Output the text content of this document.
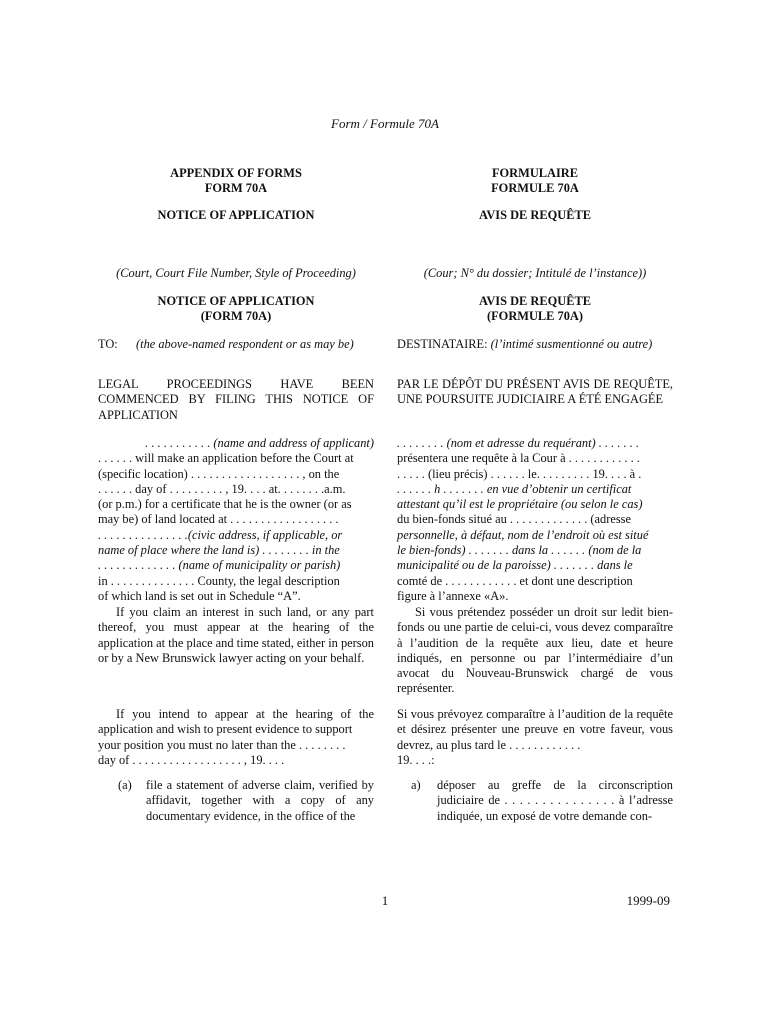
Form / Formule 70A
APPENDIX OF FORMS
FORM 70A
NOTICE OF APPLICATION
(Court, Court File Number, Style of Proceeding)
NOTICE OF APPLICATION
(FORM 70A)
TO: (the above-named respondent or as may be)
LEGAL PROCEEDINGS HAVE BEEN COMMENCED BY FILING THIS NOTICE OF APPLICATION
. . . . . . . . . . . (name and address of applicant)
. . . . . . will make an application before the Court at
(specific location) . . . . . . . . . . . . . . . . . . , on the
. . . . . . day of . . . . . . . . . , 19. . . . at. . . . . . . .a.m.
(or p.m.) for a certificate that he is the owner (or as
may be) of land located at . . . . . . . . . . . . . . . . . .
. . . . . . . . . . . . . . .(civic address, if applicable, or
name of place where the land is) . . . . . . . . in the
. . . . . . . . . . . . . (name of municipality or parish)
in . . . . . . . . . . . . . . County, the legal description
of which land is set out in Schedule “A”.
If you claim an interest in such land, or any part thereof, you must appear at the hearing of the application at the place and time stated, either in person or by a New Brunswick lawyer acting on your behalf.
If you intend to appear at the hearing of the application and wish to present evidence to support
your position you must no later than the . . . . . . . .
day of . . . . . . . . . . . . . . . . . . , 19. . . .
(a) file a statement of adverse claim, verified by affidavit, together with a copy of any documentary evidence, in the office of the
FORMULAIRE
FORMULE 70A
AVIS DE REQUÊTE
(Cour; N° du dossier; Intitulé de l’instance))
AVIS DE REQUÊTE
(FORMULE 70A)
DESTINATAIRE: (l’intimé susmentionné ou autre)
PAR LE DÉPÔT DU PRÉSENT AVIS DE REQUÊTE, UNE POURSUITE JUDICIAIRE A ÉTÉ ENGAGÉE
. . . . . . . . (nom et adresse du requérant) . . . . . . .
présentera une requête à la Cour à . . . . . . . . . . . .
. . . . . (lieu précis) . . . . . . le. . . . . . . . . 19. . . . à .
. . . . . . h . . . . . . . en vue d’obtenir un certificat
attestant qu’il est le propriétaire (ou selon le cas)
du bien-fonds situé au . . . . . . . . . . . . . (adresse
personnelle, à défaut, nom de l’endroit où est situé
le bien-fonds) . . . . . . . dans la . . . . . . (nom de la
municipalité ou de la paroisse) . . . . . . . dans le
comté de . . . . . . . . . . . . et dont une description
figure à l’annexe «A».
Si vous prétendez posséder un droit sur ledit bien-fonds ou une partie de celui-ci, vous devez comparaître à l’audition de la requête aux lieu, date et heure indiqués, en personne ou par l’intermédiaire d’un avocat du Nouveau-Brunswick chargé de vous représenter.
Si vous prévoyez comparaître à l’audition de la requête et désirez présenter une preuve en votre faveur, vous devrez, au plus tard le . . . . . . . . . . . .
19. . . .:
a) déposer au greffe de la circonscription judiciaire de . . . . . . . . . . . . . . . à l’adresse indiquée, un exposé de votre demande con-
1	1999-09
